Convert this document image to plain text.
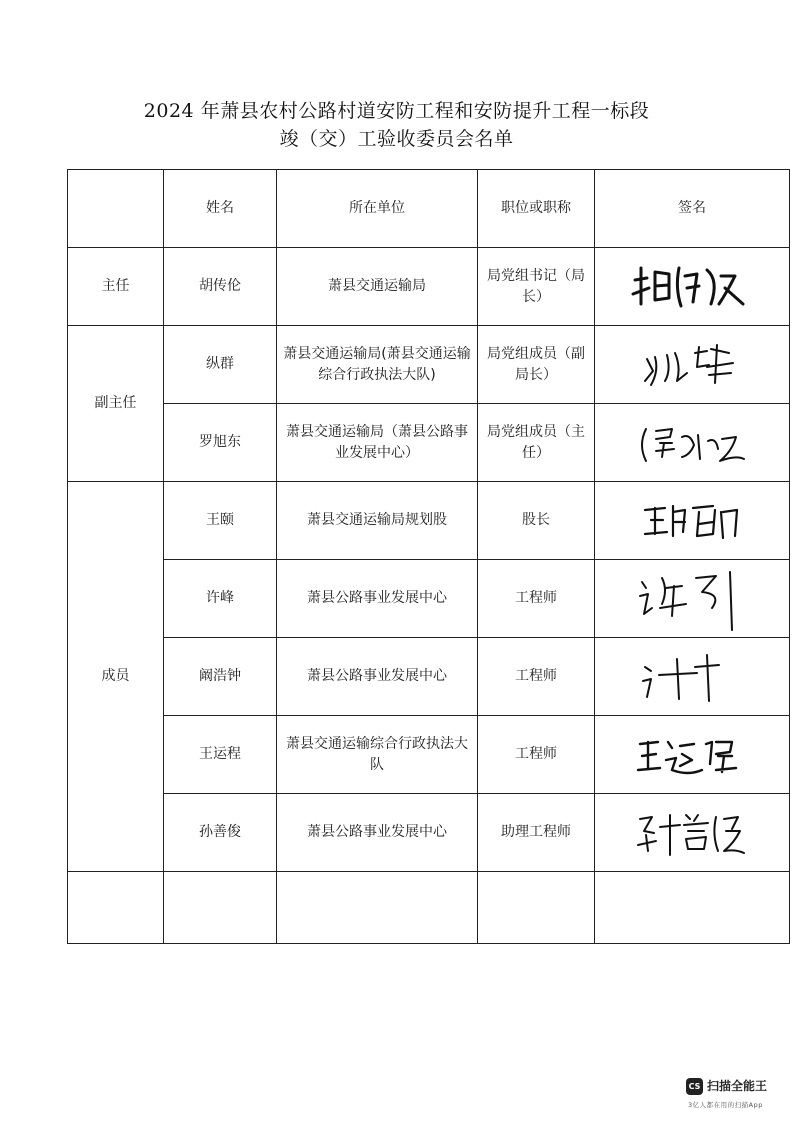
2024 年萧县农村公路村道安防工程和安防提升工程一标段
竣（交）工验收委员会名单
	姓名	所在单位	职位或职称	签名
主任	胡传伦	萧县交通运输局	局党组书记（局长）	

副主任	纵群	萧县交通运输局(萧县交通运输综合行政执法大队)	局党组成员（副局长）	

	罗旭东	萧县交通运输局（萧县公路事业发展中心）	局党组成员（主任）	

成员	王颐	萧县交通运输局规划股	股长	

	许峰	萧县公路事业发展中心	工程师	

	阚浩钟	萧县公路事业发展中心	工程师	

	王运程	萧县交通运输综合行政执法大队	工程师	

	孙善俊	萧县公路事业发展中心	助理工程师	

CS 扫描全能王
3亿人都在用的扫描App
